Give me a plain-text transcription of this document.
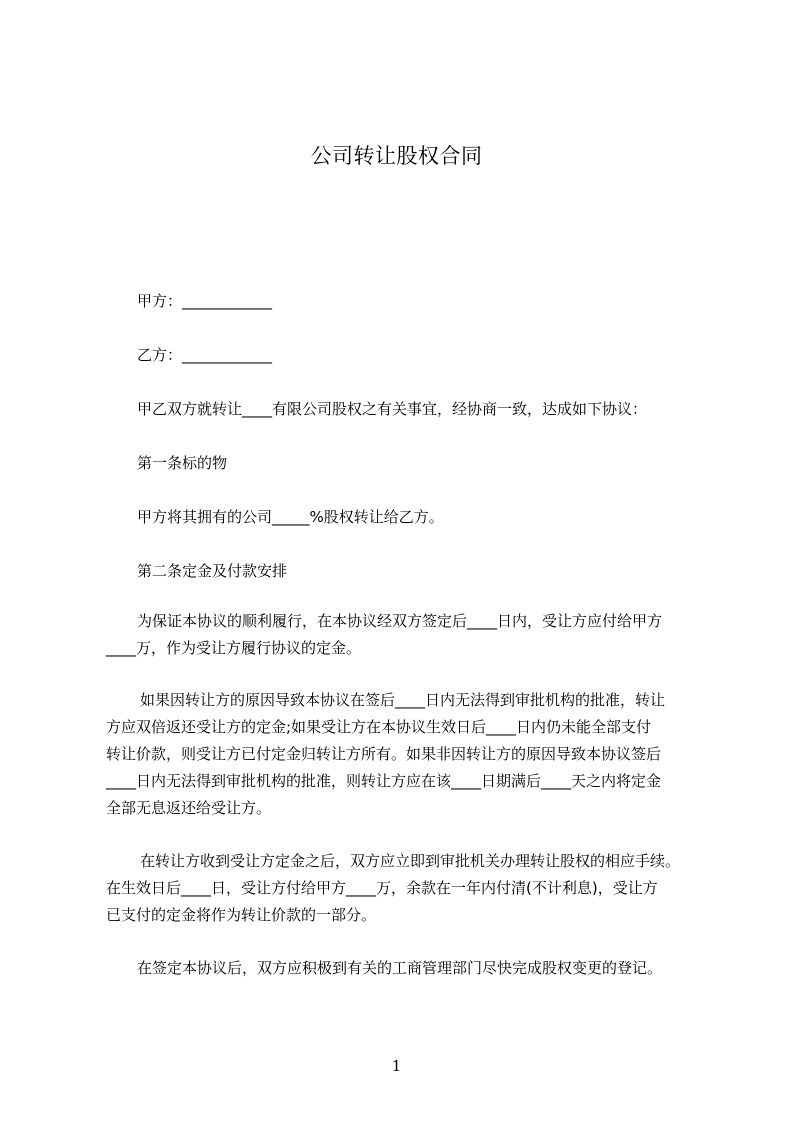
公司转让股权合同
甲方：____________
乙方：____________
甲乙双方就转让____有限公司股权之有关事宜，经协商一致，达成如下协议：
第一条标的物
甲方将其拥有的公司_____%股权转让给乙方。
第二条定金及付款安排
为保证本协议的顺利履行，在本协议经双方签定后____日内，受让方应付给甲方
____万，作为受让方履行协议的定金。
如果因转让方的原因导致本协议在签后____日内无法得到审批机构的批准，转让
方应双倍返还受让方的定金;如果受让方在本协议生效日后____日内仍未能全部支付
转让价款，则受让方已付定金归转让方所有。如果非因转让方的原因导致本协议签后
____日内无法得到审批机构的批准，则转让方应在该____日期满后____天之内将定金
全部无息返还给受让方。
在转让方收到受让方定金之后，双方应立即到审批机关办理转让股权的相应手续。
在生效日后____日，受让方付给甲方____万，余款在一年内付清(不计利息)，受让方
已支付的定金将作为转让价款的一部分。
在签定本协议后，双方应积极到有关的工商管理部门尽快完成股权变更的登记。
1
